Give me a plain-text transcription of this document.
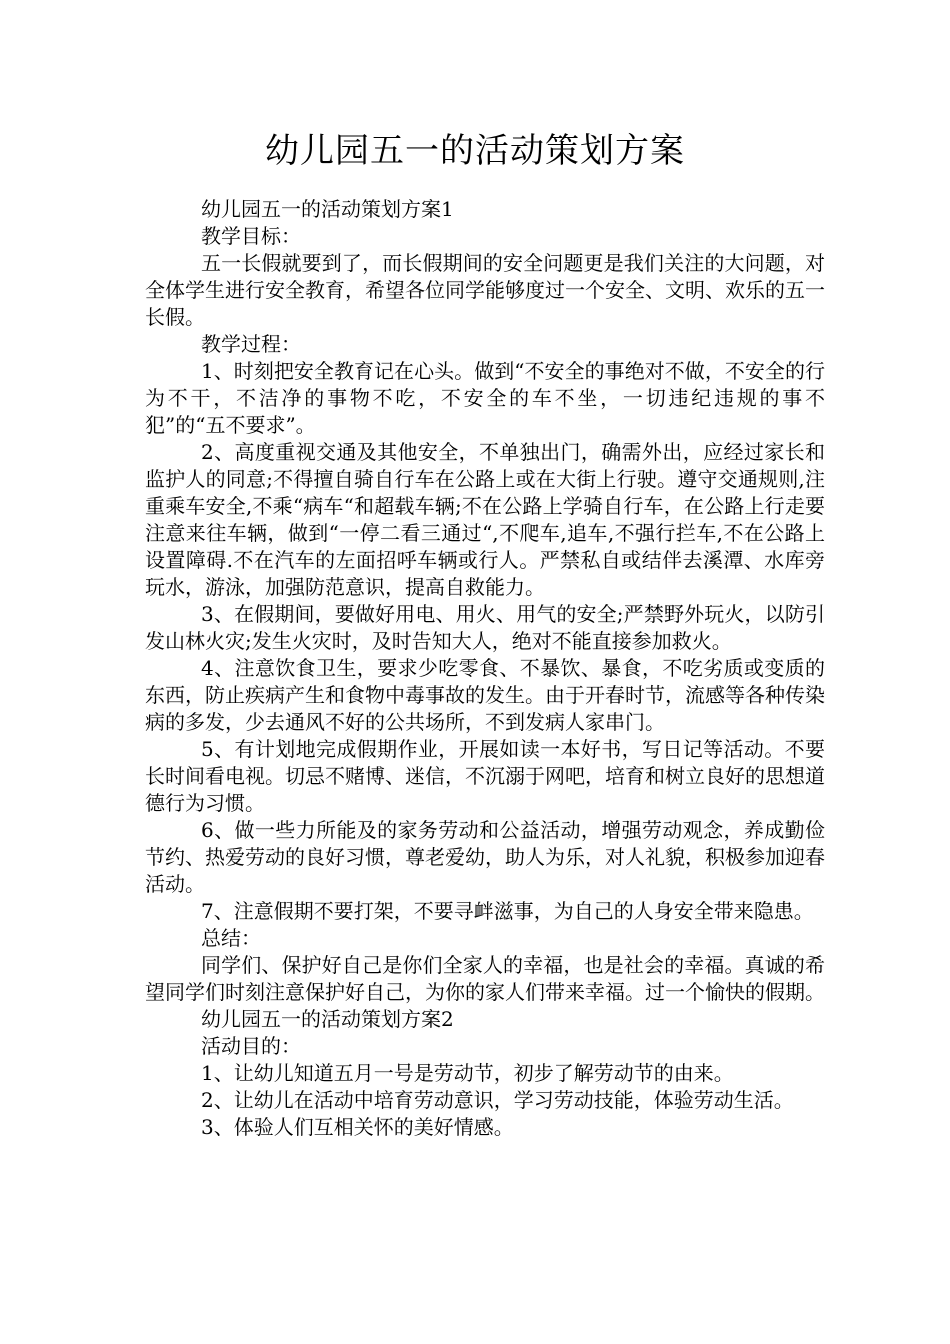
幼儿园五一的活动策划方案

幼儿园五一的活动策划方案1

教学目标：

五一长假就要到了，而长假期间的安全问题更是我们关注的大问题，对全体学生进行安全教育，希望各位同学能够度过一个安全、文明、欢乐的五一长假。

教学过程：

1、时刻把安全教育记在心头。做到“不安全的事绝对不做，不安全的行为不干，不洁净的事物不吃，不安全的车不坐，一切违纪违规的事不犯”的“五不要求”。

2、高度重视交通及其他安全，不单独出门，确需外出，应经过家长和监护人的同意;不得擅自骑自行车在公路上或在大街上行驶。遵守交通规则,注重乘车安全,不乘“病车“和超载车辆;不在公路上学骑自行车，在公路上行走要注意来往车辆，做到“一停二看三通过“,不爬车,追车,不强行拦车,不在公路上设置障碍.不在汽车的左面招呼车辆或行人。严禁私自或结伴去溪潭、水库旁玩水，游泳，加强防范意识，提高自救能力。

3、在假期间，要做好用电、用火、用气的安全;严禁野外玩火，以防引发山林火灾;发生火灾时，及时告知大人，绝对不能直接参加救火。

4、注意饮食卫生，要求少吃零食、不暴饮、暴食，不吃劣质或变质的东西，防止疾病产生和食物中毒事故的发生。由于开春时节，流感等各种传染病的多发，少去通风不好的公共场所，不到发病人家串门。

5、有计划地完成假期作业，开展如读一本好书，写日记等活动。不要长时间看电视。切忌不赌博、迷信，不沉溺于网吧，培育和树立良好的思想道德行为习惯。

6、做一些力所能及的家务劳动和公益活动，增强劳动观念，养成勤俭节约、热爱劳动的良好习惯，尊老爱幼，助人为乐，对人礼貌，积极参加迎春活动。

7、注意假期不要打架，不要寻衅滋事，为自己的人身安全带来隐患。

总结：

同学们、保护好自己是你们全家人的幸福，也是社会的幸福。真诚的希望同学们时刻注意保护好自己，为你的家人们带来幸福。过一个愉快的假期。

幼儿园五一的活动策划方案2

活动目的：

1、让幼儿知道五月一号是劳动节，初步了解劳动节的由来。

2、让幼儿在活动中培育劳动意识，学习劳动技能，体验劳动生活。

3、体验人们互相关怀的美好情感。
